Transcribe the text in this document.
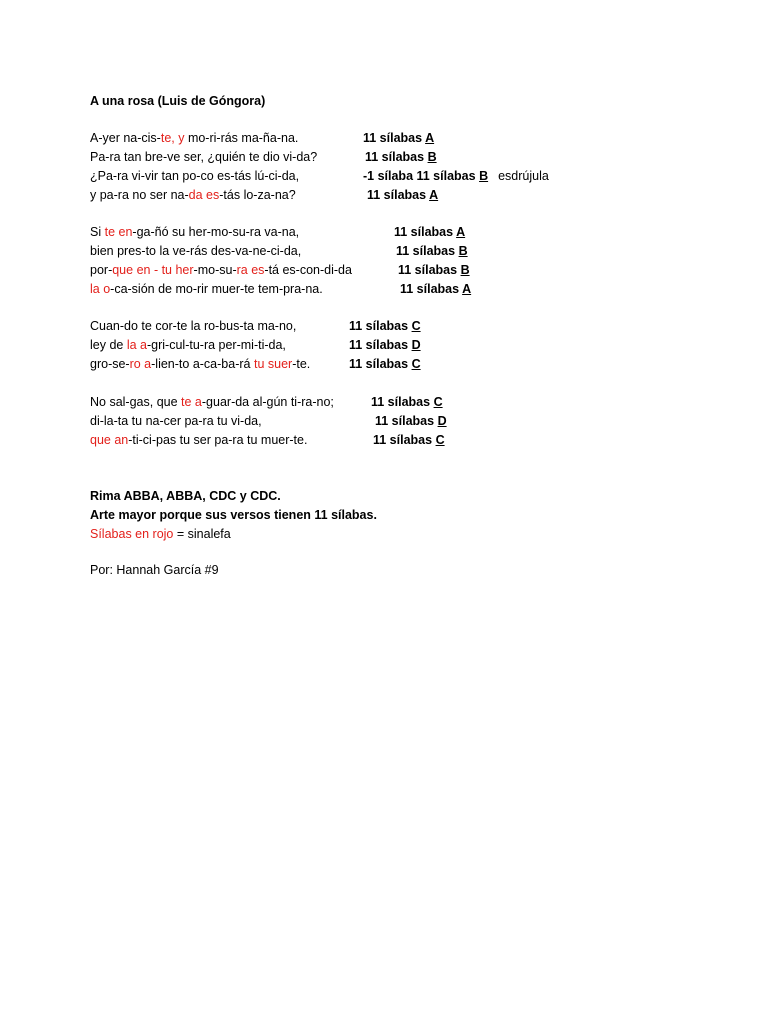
A una rosa (Luis de Góngora)
A-yer na-cis-te, y mo-ri-rás ma-ña-na.	11 sílabas A
Pa-ra tan bre-ve ser, ¿quién te dio vi-da?	11 sílabas B
¿Pa-ra vi-vir tan po-co es-tás lú-ci-da,	-1 sílaba 11 sílabas B esdrújula
y pa-ra no ser na-da es-tás lo-za-na?	11 sílabas A
Si te en-ga-ñó su her-mo-su-ra va-na,	11 sílabas A
bien pres-to la ve-rás des-va-ne-ci-da,	11 sílabas B
por-que en - tu her-mo-su-ra es-tá es-con-di-da	11 sílabas B
la o-ca-sión de mo-rir muer-te tem-pra-na.	11 sílabas A
Cuan-do te cor-te la ro-bus-ta ma-no,	11 sílabas C
ley de la a-gri-cul-tu-ra per-mi-ti-da,	11 sílabas D
gro-se-ro a-lien-to a-ca-ba-rá tu suer-te.	11 sílabas C
No sal-gas, que te a-guar-da al-gún ti-ra-no;	11 sílabas C
di-la-ta tu na-cer pa-ra tu vi-da,	11 sílabas D
que an-ti-ci-pas tu ser pa-ra tu muer-te.	11 sílabas C
Rima ABBA, ABBA, CDC y CDC.
Arte mayor porque sus versos tienen 11 sílabas.
Sílabas en rojo = sinalefa
Por: Hannah García #9
